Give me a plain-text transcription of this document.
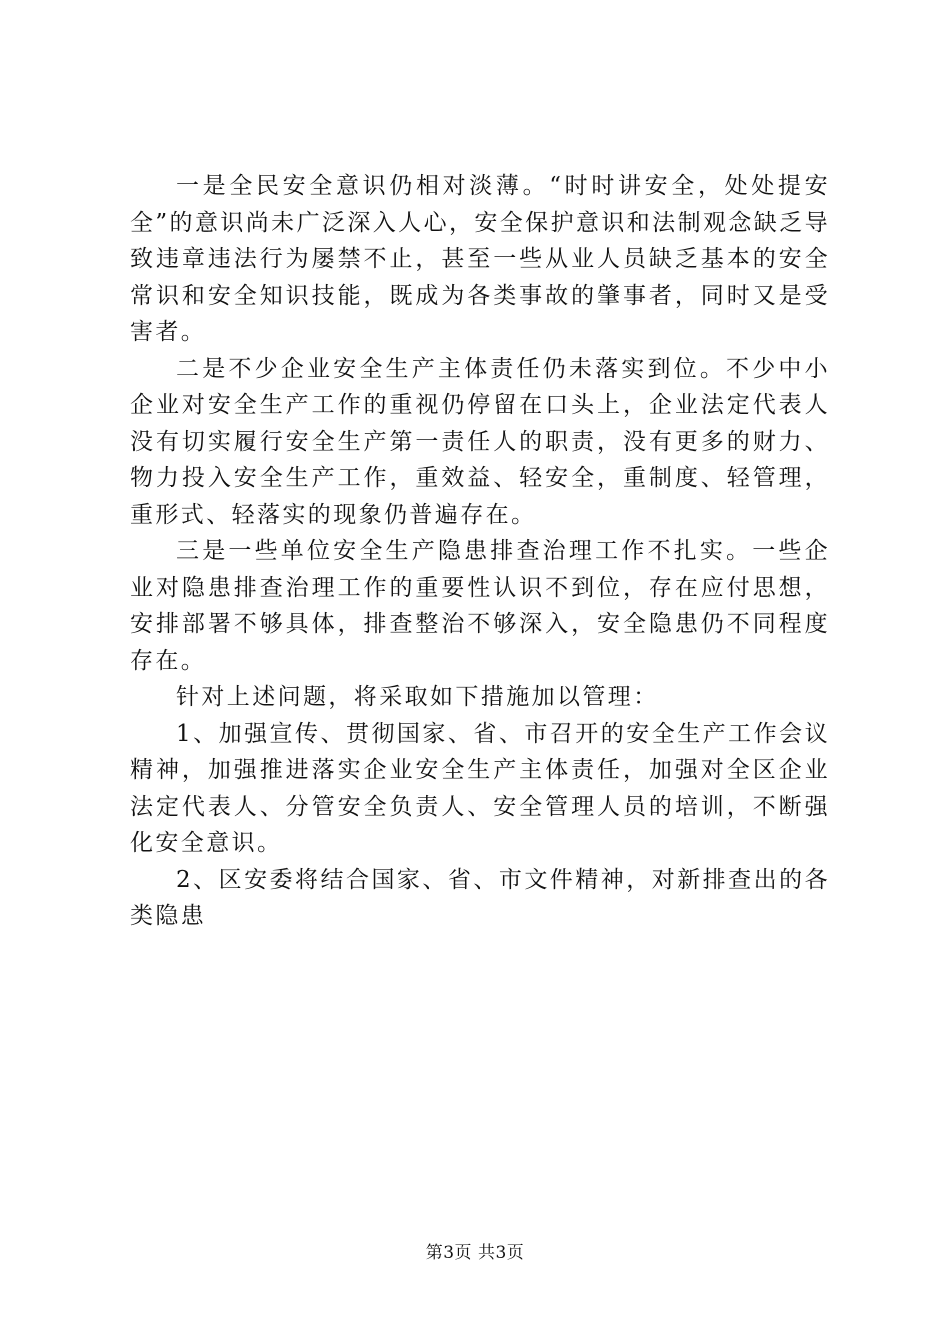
一是全民安全意识仍相对淡薄。“时时讲安全，处处提安全”的意识尚未广泛深入人心，安全保护意识和法制观念缺乏导致违章违法行为屡禁不止，甚至一些从业人员缺乏基本的安全常识和安全知识技能，既成为各类事故的肇事者，同时又是受害者。

二是不少企业安全生产主体责任仍未落实到位。不少中小企业对安全生产工作的重视仍停留在口头上，企业法定代表人没有切实履行安全生产第一责任人的职责，没有更多的财力、物力投入安全生产工作，重效益、轻安全，重制度、轻管理，重形式、轻落实的现象仍普遍存在。

三是一些单位安全生产隐患排查治理工作不扎实。一些企业对隐患排查治理工作的重要性认识不到位，存在应付思想，安排部署不够具体，排查整治不够深入，安全隐患仍不同程度存在。

针对上述问题，将采取如下措施加以管理：

1、加强宣传、贯彻国家、省、市召开的安全生产工作会议精神，加强推进落实企业安全生产主体责任，加强对全区企业法定代表人、分管安全负责人、安全管理人员的培训，不断强化安全意识。

2、区安委将结合国家、省、市文件精神，对新排查出的各类隐患

第3页 共3页
